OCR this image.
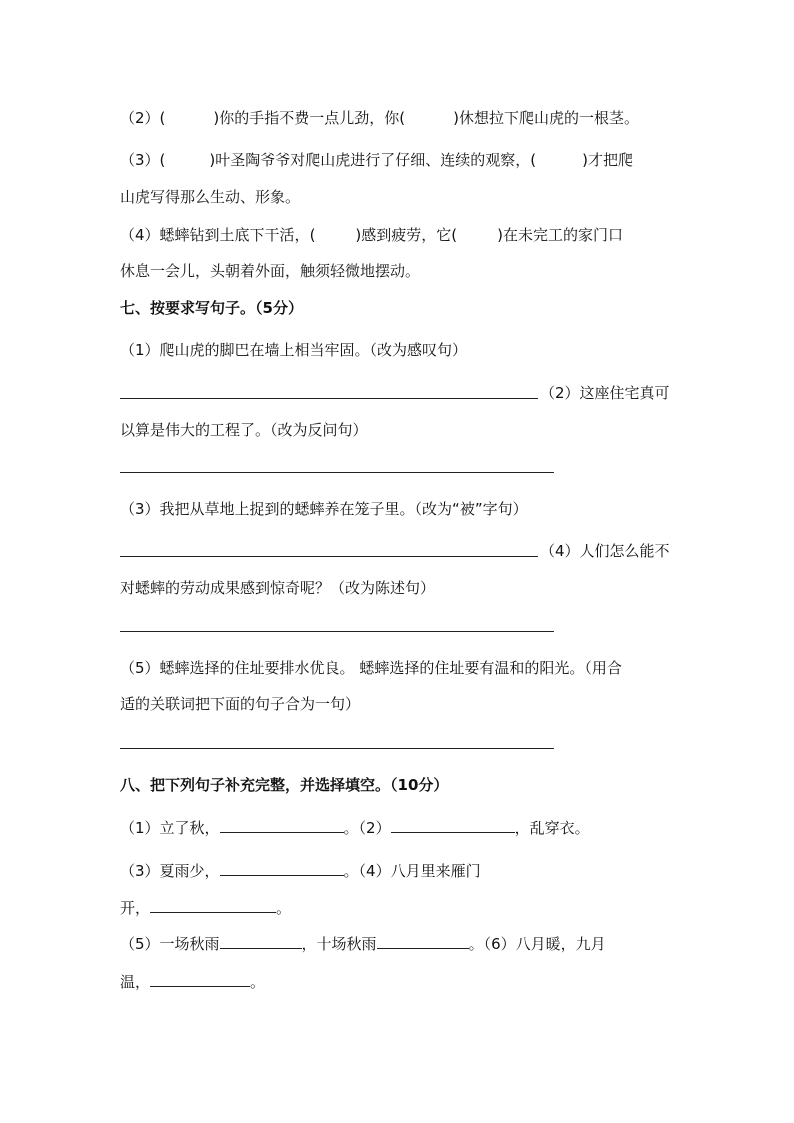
（2）(	)你的手指不费一点儿劲，你(	)休想拉下爬山虎的一根茎。
（3）(	)叶圣陶爷爷对爬山虎进行了仔细、连续的观察，(	)才把爬
山虎写得那么生动、形象。
（4）蟋蟀钻到土底下干活，(	)感到疲劳，它(	)在未完工的家门口
休息一会儿，头朝着外面，触须轻微地摆动。
七、按要求写句子。（5分）
（1）爬山虎的脚巴在墙上相当牢固。（改为感叹句）
（2）这座住宅真可
以算是伟大的工程了。（改为反问句）
（3）我把从草地上捉到的蟋蟀养在笼子里。（改为“被”字句）
（4）人们怎么能不
对蟋蟀的劳动成果感到惊奇呢？（改为陈述句）
（5）蟋蟀选择的住址要排水优良。 蟋蟀选择的住址要有温和的阳光。（用合
适的关联词把下面的句子合为一句）
八、把下列句子补充完整，并选择填空。（10分）
（1）立了秋，	。（2）	，乱穿衣。
（3）夏雨少，	。（4）八月里来雁门
开，	。
（5）一场秋雨	，十场秋雨	。（6）八月暖，九月
温，	。
